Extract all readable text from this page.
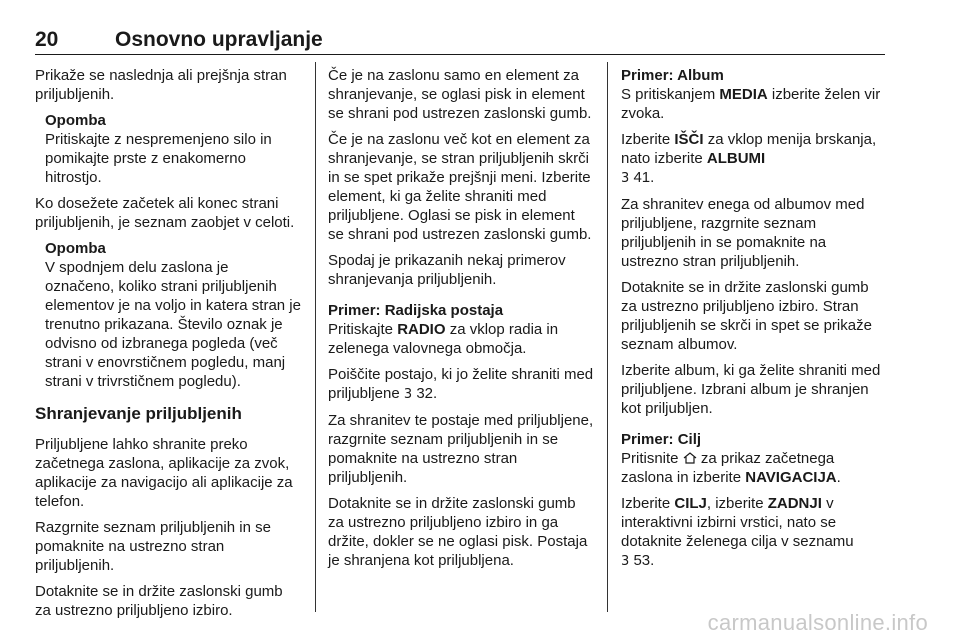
20	Osnovno upravljanje

Prikaže se naslednja ali prejšnja stran priljubljenih.

Opomba
Pritiskajte z nespremenjeno silo in pomikajte prste z enakomerno hitrostjo.

Ko dosežete začetek ali konec strani priljubljenih, je seznam zaobjet v celoti.

Opomba
V spodnjem delu zaslona je označeno, koliko strani priljubljenih elementov je na voljo in katera stran je trenutno prikazana. Število oznak je odvisno od izbranega pogleda (več strani v enovrstičnem pogledu, manj strani v trivrstičnem pogledu).
Shranjevanje priljubljenih

Priljubljene lahko shranite preko začetnega zaslona, aplikacije za zvok, aplikacije za navigacijo ali aplikacije za telefon.

Razgrnite seznam priljubljenih in se pomaknite na ustrezno stran priljubljenih.

Dotaknite se in držite zaslonski gumb za ustrezno priljubljeno izbiro.

Če je na zaslonu samo en element za shranjevanje, se oglasi pisk in element se shrani pod ustrezen zaslonski gumb.

Če je na zaslonu več kot en element za shranjevanje, se stran priljubljenih skrči in se spet prikaže prejšnji meni. Izberite element, ki ga želite shraniti med priljubljene. Oglasi se pisk in element se shrani pod ustrezen zaslonski gumb.

Spodaj je prikazanih nekaj primerov shranjevanja priljubljenih.

Primer: Radijska postaja

Pritiskajte RADIO za vklop radia in zelenega valovnega območja.

Poiščite postajo, ki jo želite shraniti med priljubljene 3 32.

Za shranitev te postaje med priljubljene, razgrnite seznam priljubljenih in se pomaknite na ustrezno stran priljubljenih.

Dotaknite se in držite zaslonski gumb za ustrezno priljubljeno izbiro in ga držite, dokler se ne oglasi pisk. Postaja je shranjena kot priljubljena.

Primer: Album

S pritiskanjem MEDIA izberite želen vir zvoka.

Izberite IŠČI za vklop menija brskanja, nato izberite ALBUMI
3 41.

Za shranitev enega od albumov med priljubljene, razgrnite seznam priljubljenih in se pomaknite na ustrezno stran priljubljenih.

Dotaknite se in držite zaslonski gumb za ustrezno priljubljeno izbiro. Stran priljubljenih se skrči in spet se prikaže seznam albumov.

Izberite album, ki ga želite shraniti med priljubljene. Izbrani album je shranjen kot priljubljen.

Primer: Cilj

Pritisnite  za prikaz začetnega zaslona in izberite NAVIGACIJA.

Izberite CILJ, izberite ZADNJI v interaktivni izbirni vrstici, nato se dotaknite želenega cilja v seznamu
3 53.

carmanualsonline.info
